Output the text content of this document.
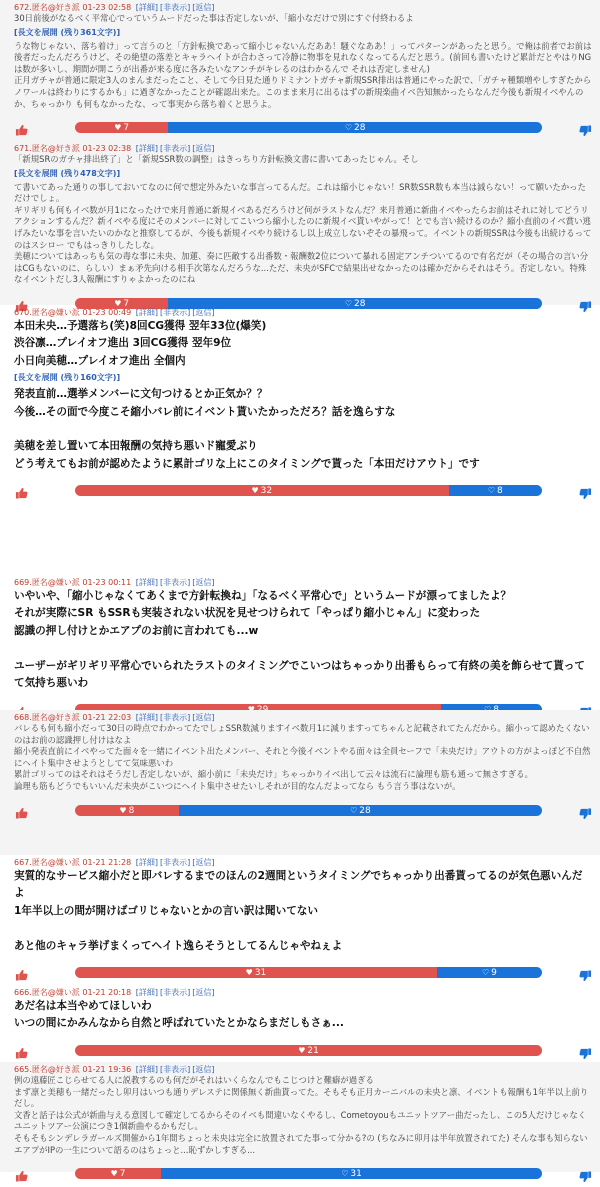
672.匿名@好き派 01-23 02:58 [詳細] [非表示] [返信]
30日前後がなるべく平常心でっていうムードだった事は否定しないが、「縮小なだけで別にすぐ付終わるよ
[長文を展開 (残り361文字)]
うな物じゃない、落ち着け」って言うのと「方針転換であって縮小じゃないんだああ！騒ぐなああ！」ってパターンがあったと思う。で俺は前者でお前は後者だったんだろうけど、その絶望の落差とキャラヘイトが合わさって冷静に物事を見れなくなってるんだと思う。(前回も書いたけど累計だとやはりNGは数が多いし、期間が開こうが出番が来る度に各みたいなアンチがキレるのはわかるんで それは否定しません)
正月ガチャが普通に限定3人のまんまだったこと、そして今日見た通りドミナントガチャ新規SSR排出は普通にやった訳で、「ガチャ種類増やしすぎたからノワールは終わりにするかも」に過ぎなかったことが確認出来た。このまま来月に出るはずの新規楽曲イベ告知無かったらなんだ今後も新規イベやんのか、ちゃっかり も何もなかったな、って事実から落ち着くと思うよ。
♥ 7	♡ 28
671.匿名@好き派 01-23 02:38 [詳細] [非表示] [返信]
「新規SRのガチャ排出終了」と「新規SSR数の調整」はきっちり方針転換文書に書いてあったじゃん。そし
[長文を展開 (残り478文字)]
て書いてあった通りの事しておいてなのに何で想定外みたいな事言ってるんだ。これは縮小じゃない！SR数SSR数も本当は減らない！って願いたかっただけでしょ。
ギリギリも何もイベ数が月1になったけで来月普通に新規イベあるだろうけど何がラストなんだ？来月普通に新曲イベやったらお前はそれに対してどうリアクションするんだ？新イベやる度にそのメンバーに対してこいつら縮小したのに新規イベ貰いやがって！とでも言い続けるのか？縮小直前のイベ賞い逃げみたいな事を言いたいのかなと推察してるが、今後も新規イベやり続けるし以上成立しないぞその暴飛って。イベントの新規SSRは今後も出続けるってのはスシロー でもはっきりしたしな。
美穂についてはあっちも気の毒な事に未央、加蓮、奏に匹敵する出番数・報酬数2位について暴れる固定アンチついてるので有名だが（その場合の言い分はCGもないのに、らしい）まぁ矛先向ける相手次第なんだろうな...ただ、未央がSFCで結果出せなかったのは確かだからそれはそう。否定しない。特殊なイベントだし3人報酬にすりゃよかったのにね
♥ 7	♡ 28
670.匿名@嫌い派 01-23 00:49 [詳細] [非表示] [返信]
本田未央…予選落ち(笑)8回CG獲得 翌年33位(爆笑)
渋谷凛…プレイオフ進出 3回CG獲得 翌年9位
小日向美穂…プレイオフ進出 全個内
[長文を展開 (残り160文字)]
発表直前…選挙メンバーに文句つけるとか正気か？？
今後…その面で今度こそ縮小バレ前にイベント貰いたかっただろ？話を逸らすな

美穂を差し置いて本田報酬の気持ち悪いド寵愛ぶり
どう考えてもお前が認めたように累計ゴリな上にこのタイミングで貰った「本田だけアウト」です
♥ 32	♡ 8
669.匿名@嫌い派 01-23 00:11 [詳細] [非表示] [返信]
いやいや、「縮小じゃなくてあくまで方針転換ね」「なるべく平常心で」というムードが漂ってましたよ？
それが実際にSR もSSRも実装されない状況を見せつけられて「やっぱり縮小じゃん」に変わった
認識の押し付けとかエアプのお前に言われても...w

ユーザーがギリギリ平常心でいられたラストのタイミングでこいつはちゃっかり出番もらって有終の美を飾らせて貰ってて気持ち悪いわ
668.匿名@好き派 01-21 22:03 [詳細] [非表示] [返信]
バレるも何も縮小だって30日の時点でわかってたでしょSSR数減りますイベ数月1に減りますってちゃんと記載されてたんだから。縮小って認めたくないのはお前の認識押し付けはなよ
縮小発表直前にイベやってた面々を一緒にイベント出たメンバー、それと今後イベントやる面々は全員セーフで「未央だけ」アウトの方がよっぽど不自然にヘイト集中させようとしてて気味悪いわ
累計ゴリってのはそれはそうだし否定しないが、縮小前に「未央だけ」ちゃっかりイベ出して云々は流石に論理も筋も通って無さすぎる。
論理も筋もどうでもいいんだ未央がこいつにヘイト集中させたいしそれが目的なんだよってなら もう言う事はないが。
♥ 8	♡ 28
667.匿名@嫌い派 01-21 21:28 [詳細] [非表示] [返信]
実質的なサービス縮小だと即バレするまでのほんの2週間というタイミングでちゃっかり出番貰ってるのが気色悪いんだよ
1年半以上の間が開けばゴリじゃないとかの言い訳は聞いてない

あと他のキャラ挙げまくってヘイト逸らそうとしてるんじゃやねぇよ
♥ 31	♡ 9
666.匿名@嫌い派 01-21 20:18 [詳細] [非表示] [返信]
あだ名は本当やめてほしいわ
いつの間にかみんなから自然と呼ばれていたとかならまだしもさぁ...
♥ 21
665.匿名@好き派 01-21 19:36 [詳細] [非表示] [返信]
例の遠藤匠こじらせてる人に説教するのも何だがそれはいくらなんでもこじつけと難癖が過ぎる
まず凛と美穂も一緒だったし卯月はいつも通りデレステに関係無く新曲貰ってた。そもそも正月カーニバルの未央と凛、イベントも報酬も1年半以上前りだし。
文香と話子は公式が新曲与える意図して確定してるからそのイベも間違いなくやるし、Cometoyouもユニットツアー曲だったし、この5人だけじゃなくユニットツアー公演につき1個新曲やるかもだし。
そもそもシンデレラガールズ開催から1年間ちょっと未央は完全に放置されてた事って分かる?の (ちなみに卯月は半年放置されてた) そんな事も知らないエアプがIPの一生について語るのはちょっと...恥ずかしすぎる...
♥ 7	♡ 31
